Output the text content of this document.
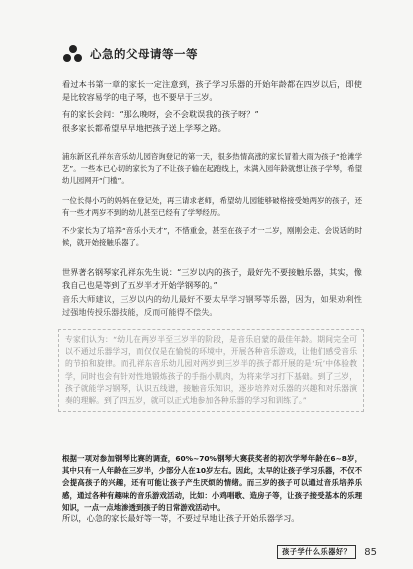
心急的父母请等一等

看过本书第一章的家长一定注意到，孩子学习乐器的开始年龄都在四岁以后，即使是比较容易学的电子琴，也不要早于三岁。

有的家长会问：“那么晚呀，会不会耽误我的孩子呀？”

很多家长都希望早早地把孩子送上学琴之路。

浦东新区孔祥东音乐幼儿园咨询登记的第一天，很多热情高涨的家长冒着大雨为孩子“抢滩学艺”。一些本已心切的家长为了不让孩子输在起跑线上，未满入园年龄就想让孩子学琴，希望幼儿园网开“门槛”。

一位长得小巧的妈妈在登记处，再三请求老师，希望幼儿园能够破格接受她两岁的孩子，还有一些才两岁不到的幼儿甚至已经有了学琴经历。

不少家长为了培养“音乐小天才”，不惜重金，甚至在孩子才一二岁，刚刚会走、会说话的时候，就开始接触乐器了。

世界著名钢琴家孔祥东先生说：“三岁以内的孩子，最好先不要接触乐器，其实，像我自己也是等到了五岁半才开始学钢琴的。”

音乐大师建议，三岁以内的幼儿最好不要太早学习钢琴等乐器，因为，如果劝利性过强地传授乐器技能，反而可能得不偿失。

专家们认为：“幼儿在两岁半至三岁半的阶段，是音乐启蒙的最佳年龄。期间完全可以不通过乐器学习，而仅仅是在愉悦的环境中，开展各种音乐游戏，让他们感受音乐的节拍和旋律。而孔祥东音乐幼儿园对两岁到三岁半的孩子都开展的是‘玩’中体验教学，同时也会有针对性地锻炼孩子的手指小肌肉，为将来学习打下基础。到了三岁，孩子就能学习钢琴，认识五线谱，接触音乐知识，逐步培养对乐器的兴趣和对乐器演奏的理解。到了四五岁，就可以正式地参加各种乐器的学习和训练了。”

根据一项对参加钢琴比赛的调查，60%~70%钢琴大赛获奖者的初次学琴年龄在6~8岁，其中只有一人年龄在三岁半，少部分人在10岁左右。因此，太早的让孩子学习乐器，不仅不会提高孩子的兴趣，还有可能让孩子产生厌烦的情绪。而三岁的孩子可以通过音乐培养乐感，通过各种有趣味的音乐游戏活动，比如：小鸡唱歌、造房子等，让孩子接受基本的乐理知识，一点一点地渗透到孩子的日常游戏活动中。

所以，心急的家长最好等一等，不要过早地让孩子开始乐器学习。

孩子学什么乐器好？	85
